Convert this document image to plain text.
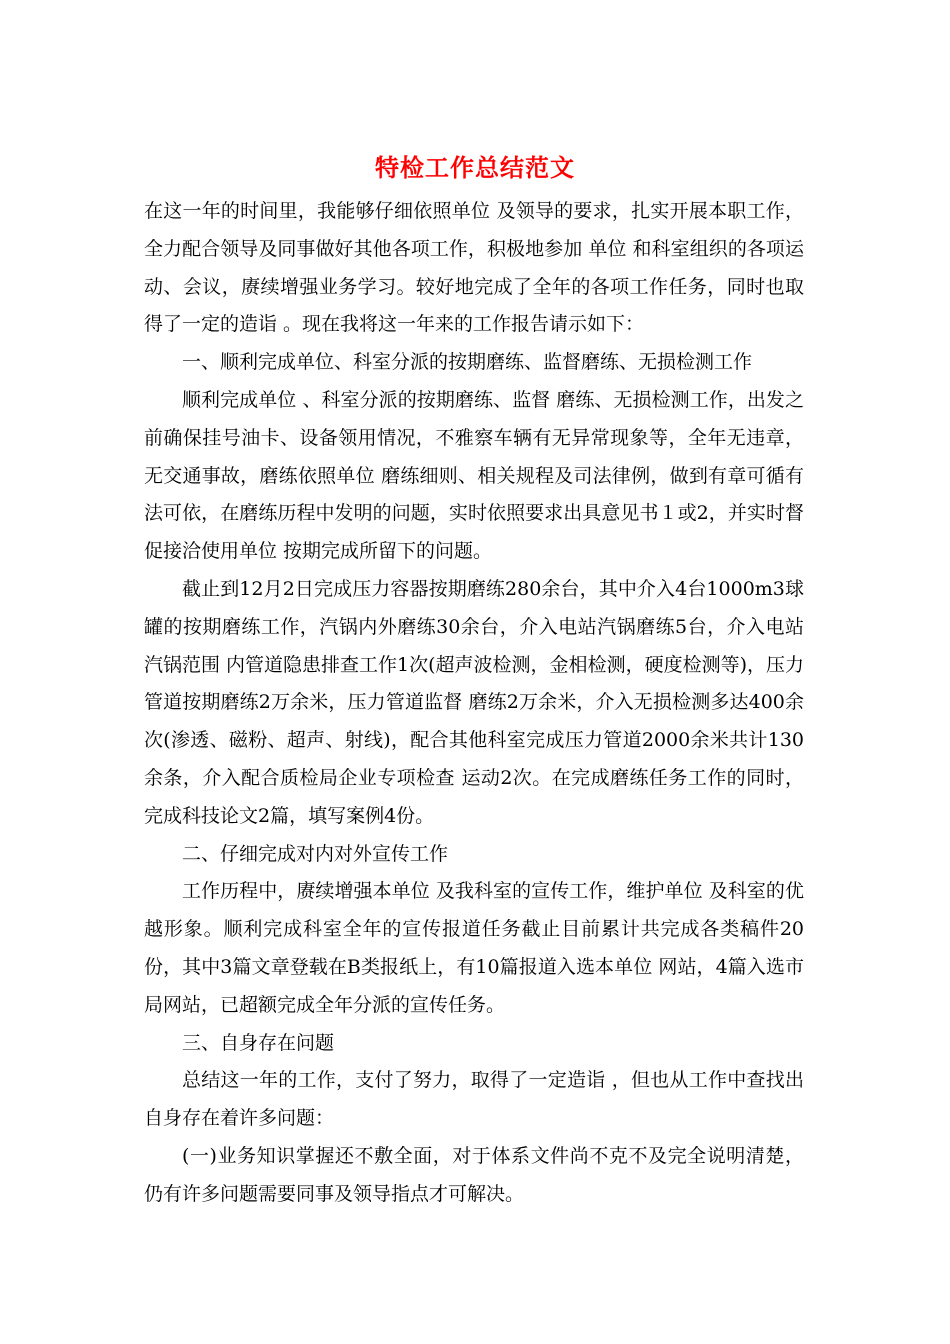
特检工作总结范文

在这一年的时间里，我能够仔细依照单位 及领导的要求，扎实开展本职工作，全力配合领导及同事做好其他各项工作，积极地参加 单位 和科室组织的各项运动、会议，赓续增强业务学习。较好地完成了全年的各项工作任务，同时也取得了一定的造诣 。现在我将这一年来的工作报告请示如下：

一、顺利完成单位、科室分派的按期磨练、监督磨练、无损检测工作

顺利完成单位 、科室分派的按期磨练、监督 磨练、无损检测工作，出发之前确保挂号油卡、设备领用情况，不雅察车辆有无异常现象等，全年无违章，无交通事故，磨练依照单位 磨练细则、相关规程及司法律例，做到有章可循有法可依，在磨练历程中发明的问题，实时依照要求出具意见书１或2，并实时督促接洽使用单位 按期完成所留下的问题。

截止到12月2日完成压力容器按期磨练280余台，其中介入4台1000m3球罐的按期磨练工作，汽锅内外磨练30余台，介入电站汽锅磨练5台，介入电站汽锅范围 内管道隐患排查工作1次(超声波检测，金相检测，硬度检测等)，压力管道按期磨练2万余米，压力管道监督 磨练2万余米，介入无损检测多达400余次(渗透、磁粉、超声、射线)，配合其他科室完成压力管道2000余米共计130余条，介入配合质检局企业专项检查 运动2次。在完成磨练任务工作的同时，完成科技论文2篇，填写案例4份。

二、仔细完成对内对外宣传工作

工作历程中，赓续增强本单位 及我科室的宣传工作，维护单位 及科室的优越形象。顺利完成科室全年的宣传报道任务截止目前累计共完成各类稿件20份，其中3篇文章登载在B类报纸上，有10篇报道入选本单位 网站，4篇入选市局网站，已超额完成全年分派的宣传任务。

三、自身存在问题

总结这一年的工作，支付了努力，取得了一定造诣 ，但也从工作中查找出自身存在着许多问题：

(一)业务知识掌握还不敷全面，对于体系文件尚不克不及完全说明清楚，仍有许多问题需要同事及领导指点才可解决。
